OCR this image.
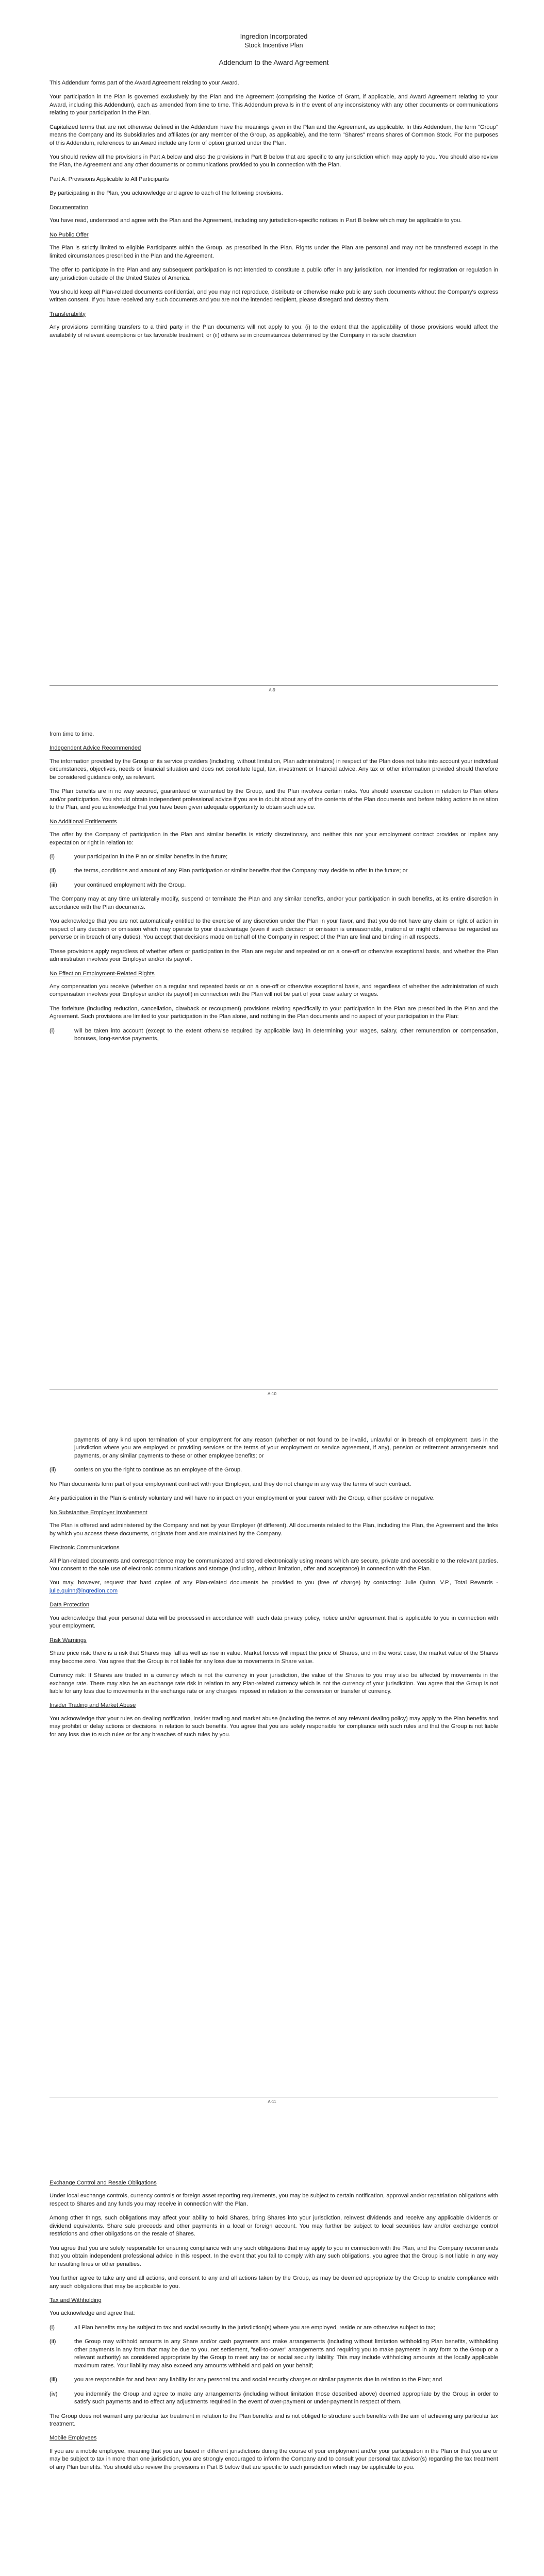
Ingredion Incorporated

Stock Incentive Plan

Addendum to the Award Agreement

This Addendum forms part of the Award Agreement relating to your Award.

Your participation in the Plan is governed exclusively by the Plan and the Agreement (comprising the Notice of Grant, if applicable, and Award Agreement relating to your Award, including this Addendum), each as amended from time to time. This Addendum prevails in the event of any inconsistency with any other documents or communications relating to your participation in the Plan.

Capitalized terms that are not otherwise defined in the Addendum have the meanings given in the Plan and the Agreement, as applicable. In this Addendum, the term "Group" means the Company and its Subsidiaries and affiliates (or any member of the Group, as applicable), and the term "Shares" means shares of Common Stock. For the purposes of this Addendum, references to an Award include any form of option granted under the Plan.

You should review all the provisions in Part A below and also the provisions in Part B below that are specific to any jurisdiction which may apply to you. You should also review the Plan, the Agreement and any other documents or communications provided to you in connection with the Plan.

Part A: Provisions Applicable to All Participants

By participating in the Plan, you acknowledge and agree to each of the following provisions.

Documentation

You have read, understood and agree with the Plan and the Agreement, including any jurisdiction-specific notices in Part B below which may be applicable to you.

No Public Offer

The Plan is strictly limited to eligible Participants within the Group, as prescribed in the Plan. Rights under the Plan are personal and may not be transferred except in the limited circumstances prescribed in the Plan and the Agreement.

The offer to participate in the Plan and any subsequent participation is not intended to constitute a public offer in any jurisdiction, nor intended for registration or regulation in any jurisdiction outside of the United States of America.

You should keep all Plan-related documents confidential, and you may not reproduce, distribute or otherwise make public any such documents without the Company's express written consent. If you have received any such documents and you are not the intended recipient, please disregard and destroy them.

Transferability

Any provisions permitting transfers to a third party in the Plan documents will not apply to you: (i) to the extent that the applicability of those provisions would affect the availability of relevant exemptions or tax favorable treatment; or (ii) otherwise in circumstances determined by the Company in its sole discretion

A-9

from time to time.

Independent Advice Recommended

The information provided by the Group or its service providers (including, without limitation, Plan administrators) in respect of the Plan does not take into account your individual circumstances, objectives, needs or financial situation and does not constitute legal, tax, investment or financial advice. Any tax or other information provided should therefore be considered guidance only, as relevant.

The Plan benefits are in no way secured, guaranteed or warranted by the Group, and the Plan involves certain risks. You should exercise caution in relation to Plan offers and/or participation. You should obtain independent professional advice if you are in doubt about any of the contents of the Plan documents and before taking actions in relation to the Plan, and you acknowledge that you have been given adequate opportunity to obtain such advice.

No Additional Entitlements

The offer by the Company of participation in the Plan and similar benefits is strictly discretionary, and neither this nor your employment contract provides or implies any expectation or right in relation to:

(i)	your participation in the Plan or similar benefits in the future;
(ii)	the terms, conditions and amount of any Plan participation or similar benefits that the Company may decide to offer in the future; or
(iii)	your continued employment with the Group.

The Company may at any time unilaterally modify, suspend or terminate the Plan and any similar benefits, and/or your participation in such benefits, at its entire discretion in accordance with the Plan documents.

You acknowledge that you are not automatically entitled to the exercise of any discretion under the Plan in your favor, and that you do not have any claim or right of action in respect of any decision or omission which may operate to your disadvantage (even if such decision or omission is unreasonable, irrational or might otherwise be regarded as perverse or in breach of any duties). You accept that decisions made on behalf of the Company in respect of the Plan are final and binding in all respects.

These provisions apply regardless of whether offers or participation in the Plan are regular and repeated or on a one-off or otherwise exceptional basis, and whether the Plan administration involves your Employer and/or its payroll.

No Effect on Employment-Related Rights

Any compensation you receive (whether on a regular and repeated basis or on a one-off or otherwise exceptional basis, and regardless of whether the administration of such compensation involves your Employer and/or its payroll) in connection with the Plan will not be part of your base salary or wages.

The forfeiture (including reduction, cancellation, clawback or recoupment) provisions relating specifically to your participation in the Plan are prescribed in the Plan and the Agreement. Such provisions are limited to your participation in the Plan alone, and nothing in the Plan documents and no aspect of your participation in the Plan:

(i)	will be taken into account (except to the extent otherwise required by applicable law) in determining your wages, salary, other remuneration or compensation, bonuses, long-service payments,
A-10
payments of any kind upon termination of your employment for any reason (whether or not found to be invalid, unlawful or in breach of employment laws in the jurisdiction where you are employed or providing services or the terms of your employment or service agreement, if any), pension or retirement arrangements and payments, or any similar payments to these or other employee benefits; or
(ii)	confers on you the right to continue as an employee of the Group.

No Plan documents form part of your employment contract with your Employer, and they do not change in any way the terms of such contract.

Any participation in the Plan is entirely voluntary and will have no impact on your employment or your career with the Group, either positive or negative.

No Substantive Employer Involvement

The Plan is offered and administered by the Company and not by your Employer (if different). All documents related to the Plan, including the Plan, the Agreement and the links by which you access these documents, originate from and are maintained by the Company.

Electronic Communications

All Plan-related documents and correspondence may be communicated and stored electronically using means which are secure, private and accessible to the relevant parties. You consent to the sole use of electronic communications and storage (including, without limitation, offer and acceptance) in connection with the Plan.

You may, however, request that hard copies of any Plan-related documents be provided to you (free of charge) by contacting: Julie Quinn, V.P., Total Rewards - julie.quinn@ingredion.com

Data Protection

You acknowledge that your personal data will be processed in accordance with each data privacy policy, notice and/or agreement that is applicable to you in connection with your employment.

Risk Warnings

Share price risk: there is a risk that Shares may fall as well as rise in value. Market forces will impact the price of Shares, and in the worst case, the market value of the Shares may become zero. You agree that the Group is not liable for any loss due to movements in Share value.

Currency risk: If Shares are traded in a currency which is not the currency in your jurisdiction, the value of the Shares to you may also be affected by movements in the exchange rate. There may also be an exchange rate risk in relation to any Plan-related currency which is not the currency of your jurisdiction. You agree that the Group is not liable for any loss due to movements in the exchange rate or any charges imposed in relation to the conversion or transfer of currency.

Insider Trading and Market Abuse

You acknowledge that your rules on dealing notification, insider trading and market abuse (including the terms of any relevant dealing policy) may apply to the Plan benefits and may prohibit or delay actions or decisions in relation to such benefits. You agree that you are solely responsible for compliance with such rules and that the Group is not liable for any loss due to such rules or for any breaches of such rules by you.

A-11

Exchange Control and Resale Obligations

Under local exchange controls, currency controls or foreign asset reporting requirements, you may be subject to certain notification, approval and/or repatriation obligations with respect to Shares and any funds you may receive in connection with the Plan.

Among other things, such obligations may affect your ability to hold Shares, bring Shares into your jurisdiction, reinvest dividends and receive any applicable dividends or dividend equivalents. Share sale proceeds and other payments in a local or foreign account. You may further be subject to local securities law and/or exchange control restrictions and other obligations on the resale of Shares.

You agree that you are solely responsible for ensuring compliance with any such obligations that may apply to you in connection with the Plan, and the Company recommends that you obtain independent professional advice in this respect. In the event that you fail to comply with any such obligations, you agree that the Group is not liable in any way for resulting fines or other penalties.

You further agree to take any and all actions, and consent to any and all actions taken by the Group, as may be deemed appropriate by the Group to enable compliance with any such obligations that may be applicable to you.

Tax and Withholding

You acknowledge and agree that:

(i)	all Plan benefits may be subject to tax and social security in the jurisdiction(s) where you are employed, reside or are otherwise subject to tax;
(ii)	the Group may withhold amounts in any Share and/or cash payments and make arrangements (including without limitation withholding Plan benefits, withholding other payments in any form that may be due to you, net settlement, "sell-to-cover" arrangements and requiring you to make payments in any form to the Group or a relevant authority) as considered appropriate by the Group to meet any tax or social security liability. This may include withholding amounts at the locally applicable maximum rates. Your liability may also exceed any amounts withheld and paid on your behalf;
(iii)	you are responsible for and bear any liability for any personal tax and social security charges or similar payments due in relation to the Plan; and
(iv)	you indemnify the Group and agree to make any arrangements (including without limitation those described above) deemed appropriate by the Group in order to satisfy such payments and to effect any adjustments required in the event of over-payment or under-payment in respect of them.

The Group does not warrant any particular tax treatment in relation to the Plan benefits and is not obliged to structure such benefits with the aim of achieving any particular tax treatment.

Mobile Employees

If you are a mobile employee, meaning that you are based in different jurisdictions during the course of your employment and/or your participation in the Plan or that you are or may be subject to tax in more than one jurisdiction, you are strongly encouraged to inform the Company and to consult your personal tax advisor(s) regarding the tax treatment of any Plan benefits. You should also review the provisions in Part B below that are specific to each jurisdiction which may be applicable to you.
